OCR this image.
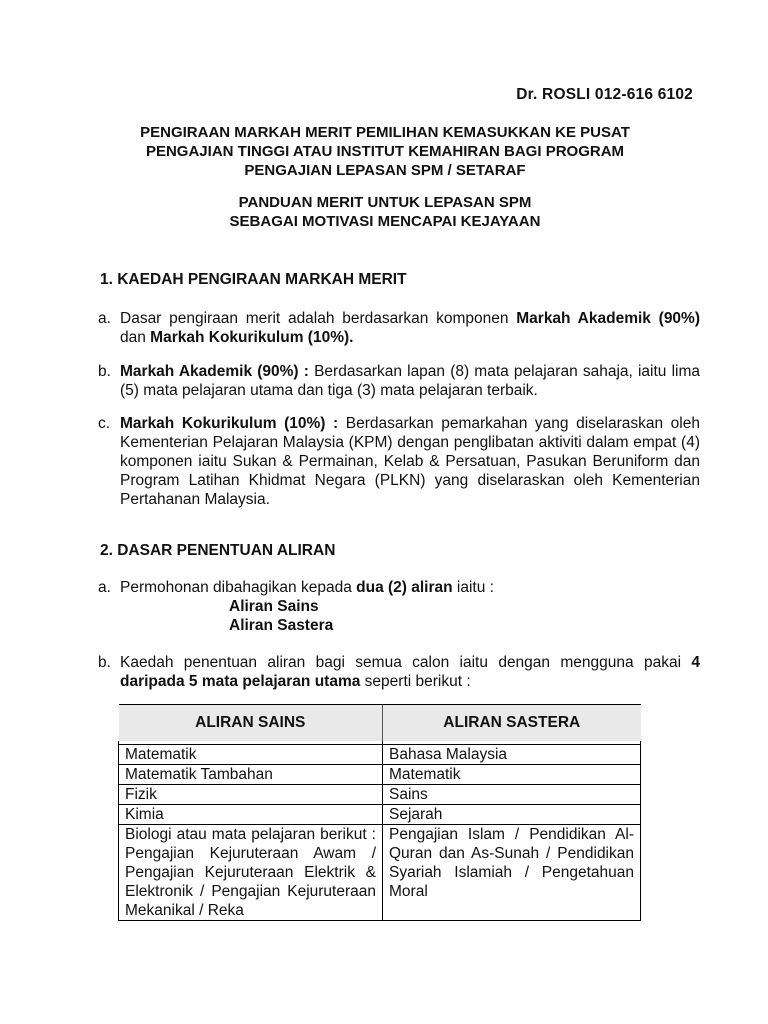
Dr. ROSLI 012-616 6102
PENGIRAAN MARKAH MERIT PEMILIHAN KEMASUKKAN KE PUSAT
PENGAJIAN TINGGI ATAU INSTITUT KEMAHIRAN BAGI PROGRAM
PENGAJIAN LEPASAN SPM / SETARAF
PANDUAN MERIT UNTUK LEPASAN SPM
SEBAGAI MOTIVASI MENCAPAI KEJAYAAN
1. KAEDAH PENGIRAAN MARKAH MERIT
a. Dasar pengiraan merit adalah berdasarkan komponen Markah Akademik (90%) dan Markah Kokurikulum (10%).
b. Markah Akademik (90%) : Berdasarkan lapan (8) mata pelajaran sahaja, iaitu lima (5) mata pelajaran utama dan tiga (3) mata pelajaran terbaik.
c. Markah Kokurikulum (10%) : Berdasarkan pemarkahan yang diselaraskan oleh Kementerian Pelajaran Malaysia (KPM) dengan penglibatan aktiviti dalam empat (4) komponen iaitu Sukan & Permainan, Kelab & Persatuan, Pasukan Beruniform dan Program Latihan Khidmat Negara (PLKN) yang diselaraskan oleh Kementerian Pertahanan Malaysia.
2. DASAR PENENTUAN ALIRAN
a. Permohonan dibahagikan kepada dua (2) aliran iaitu :
Aliran Sains
Aliran Sastera
b. Kaedah penentuan aliran bagi semua calon iaitu dengan mengguna pakai 4 daripada 5 mata pelajaran utama seperti berikut :
ALIRAN SAINS	ALIRAN SASTERA

Matematik	Bahasa Malaysia
Matematik Tambahan	Matematik
Fizik	Sains
Kimia	Sejarah
Biologi atau mata pelajaran berikut : Pengajian Kejuruteraan Awam / Pengajian Kejuruteraan Elektrik & Elektronik / Pengajian Kejuruteraan Mekanikal / Reka	Pengajian Islam / Pendidikan Al-Quran dan As-Sunah / Pendidikan Syariah Islamiah / Pengetahuan Moral
